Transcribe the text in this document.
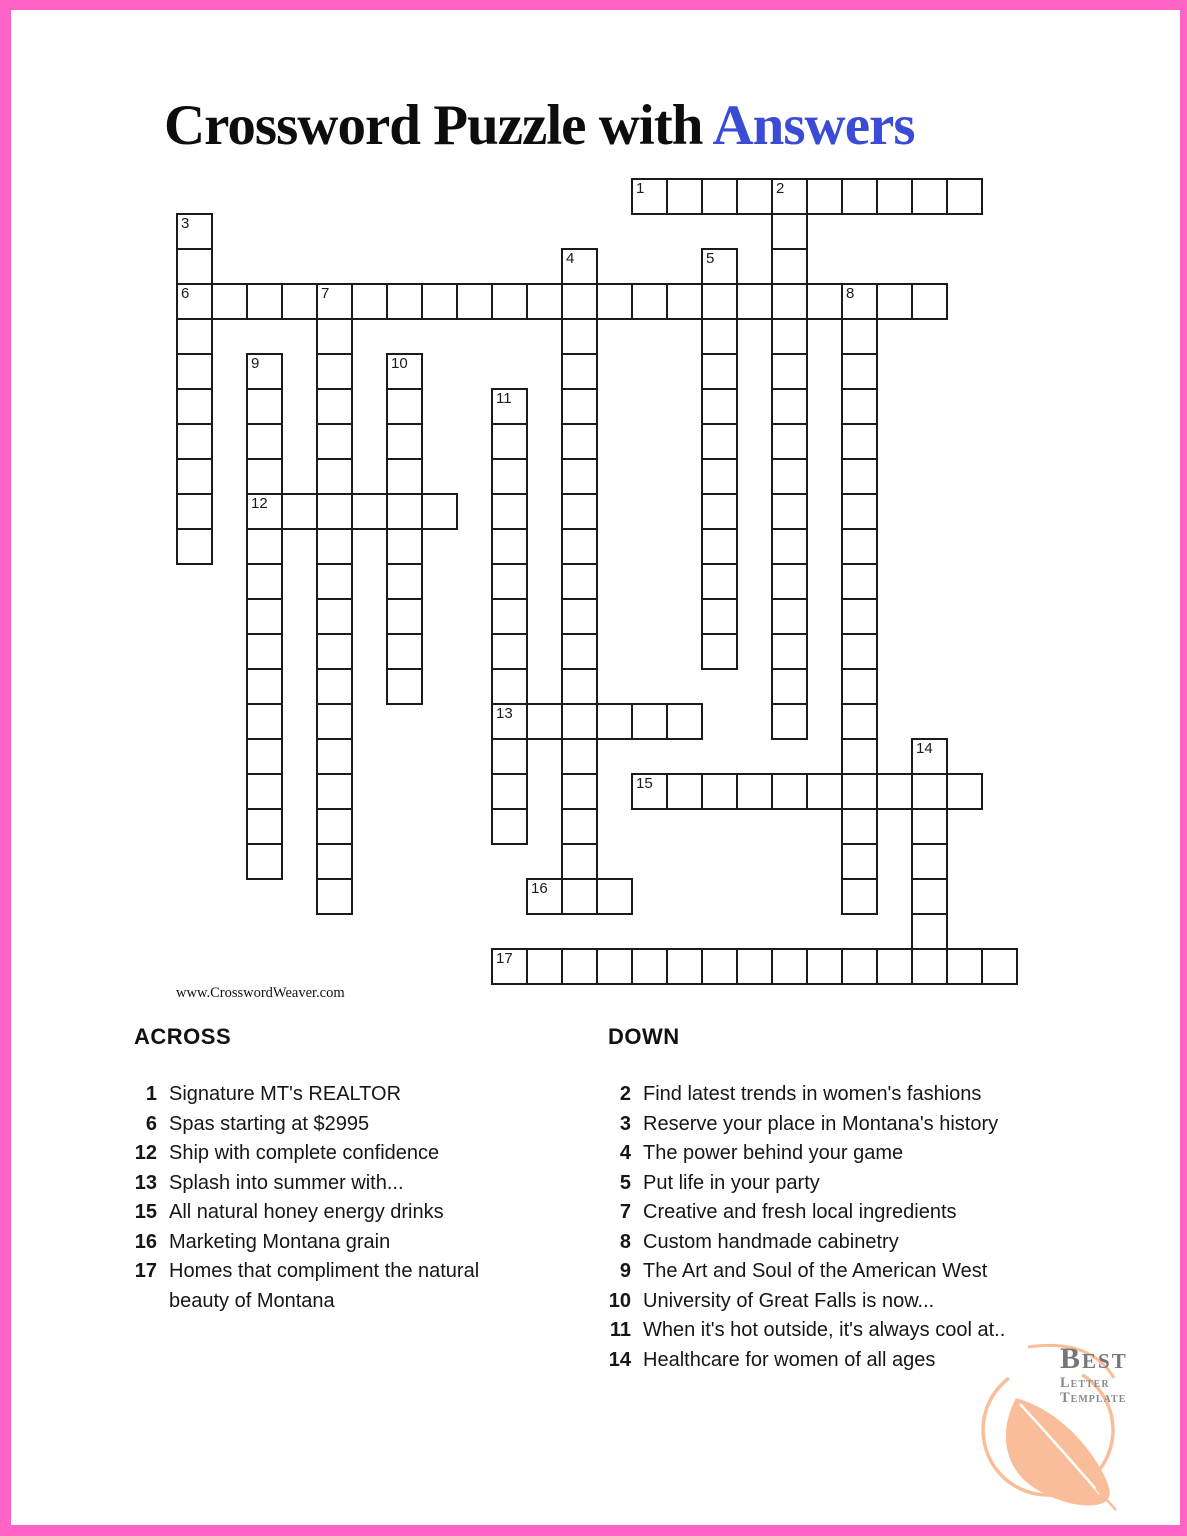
Crossword Puzzle with Answers
1	2
3
6
4	5
7	8
9
12
10
11
13
14
15
16
17
www.CrosswordWeaver.com
ACROSS
1 Signature MT's REALTOR
6 Spas starting at $2995
12 Ship with complete confidence
13 Splash into summer with...
15 All natural honey energy drinks
16 Marketing Montana grain
17 Homes that compliment the natural beauty of Montana
DOWN
2 Find latest trends in women's fashions
3 Reserve your place in Montana's history
4 The power behind your game
5 Put life in your party
7 Creative and fresh local ingredients
8 Custom handmade cabinetry
9 The Art and Soul of the American West
10 University of Great Falls is now...
11 When it's hot outside, it's always cool at..
14 Healthcare for women of all ages	Best
Letter Template
